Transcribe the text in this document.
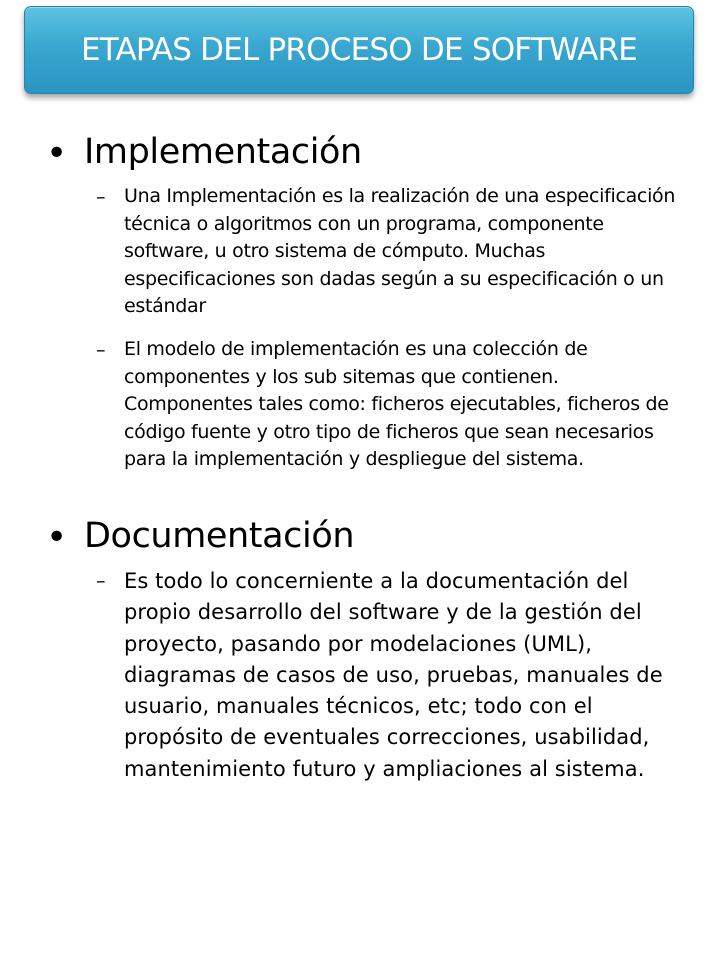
ETAPAS DEL PROCESO DE SOFTWARE
• Implementación
– Una Implementación es la realización de una especificación técnica o algoritmos con un programa, componente software, u otro sistema de cómputo. Muchas especificaciones son dadas según a su especificación o un estándar
– El modelo de implementación es una colección de componentes y los sub sitemas que contienen. Componentes tales como: ficheros ejecutables, ficheros de código fuente y otro tipo de ficheros que sean necesarios para la implementación y despliegue del sistema.
• Documentación
– Es todo lo concerniente a la documentación del propio desarrollo del software y de la gestión del proyecto, pasando por modelaciones (UML), diagramas de casos de uso, pruebas, manuales de usuario, manuales técnicos, etc; todo con el propósito de eventuales correcciones, usabilidad, mantenimiento futuro y ampliaciones al sistema.
